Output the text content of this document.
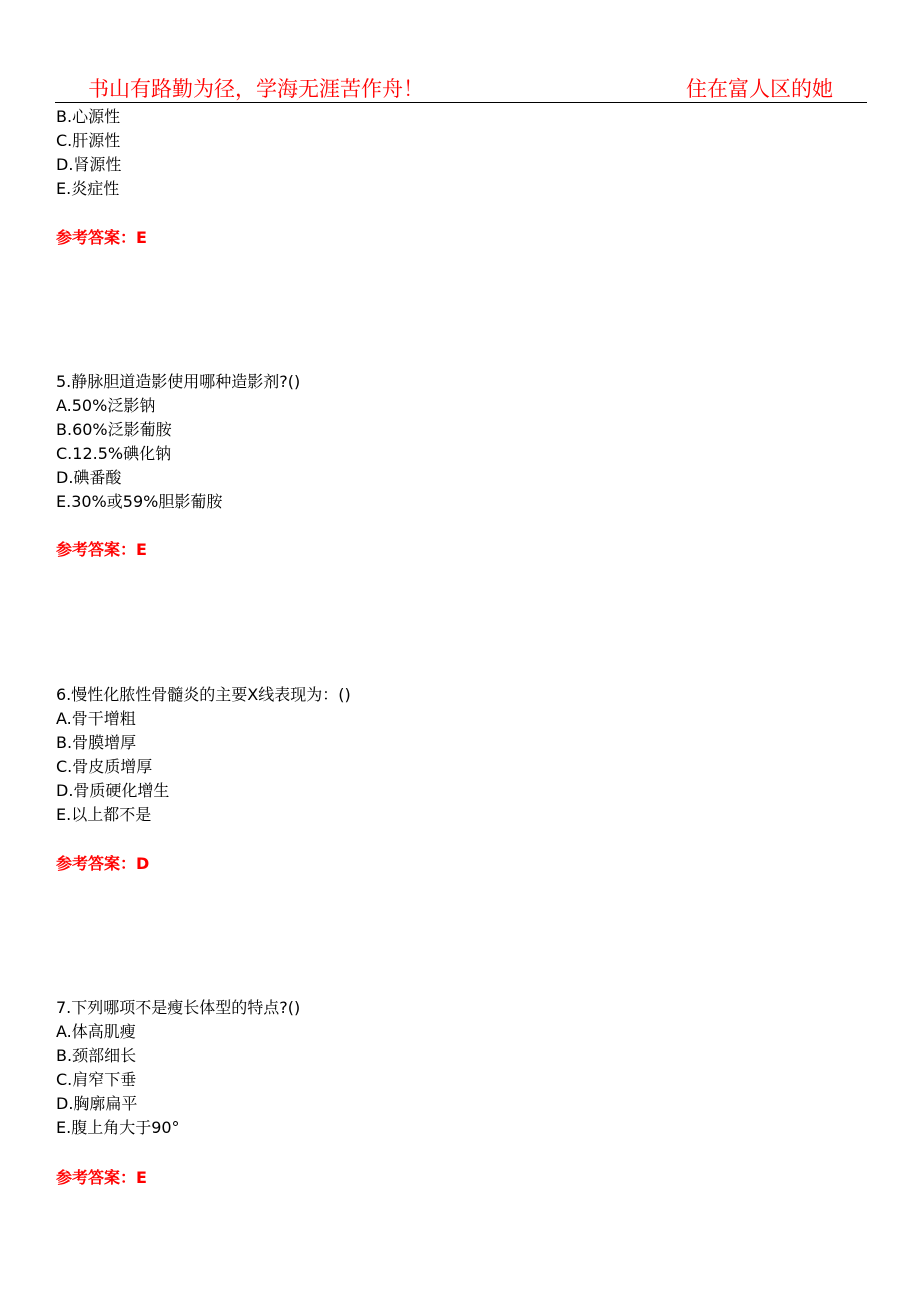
书山有路勤为径，学海无涯苦作舟！	住在富人区的她
B.心源性
C.肝源性
D.肾源性
E.炎症性
参考答案：E
5.静脉胆道造影使用哪种造影剂?()
A.50%泛影钠
B.60%泛影葡胺
C.12.5%碘化钠
D.碘番酸
E.30%或59%胆影葡胺
参考答案：E
6.慢性化脓性骨髓炎的主要X线表现为：()
A.骨干增粗
B.骨膜增厚
C.骨皮质增厚
D.骨质硬化增生
E.以上都不是
参考答案：D
7.下列哪项不是瘦长体型的特点?()
A.体高肌瘦
B.颈部细长
C.肩窄下垂
D.胸廓扁平
E.腹上角大于90°
参考答案：E
